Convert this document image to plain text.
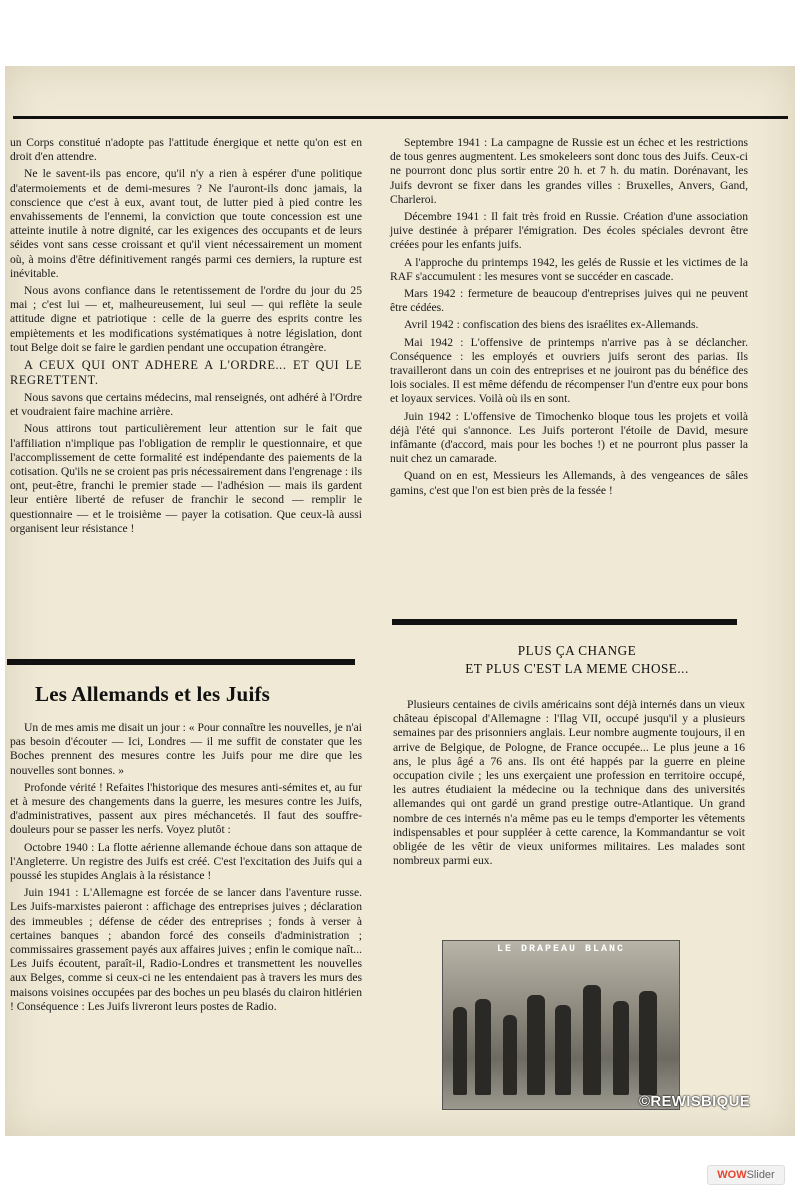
un Corps constitué n'adopte pas l'attitude énergique et nette qu'on est en droit d'en attendre.

Ne le savent-ils pas encore, qu'il n'y a rien à espérer d'une politique d'atermoiements et de demi-mesures ? Ne l'auront-ils donc jamais, la conscience que c'est à eux, avant tout, de lutter pied à pied contre les envahissements de l'ennemi, la conviction que toute concession est une atteinte inutile à notre dignité, car les exigences des occupants et de leurs séides vont sans cesse croissant et qu'il vient nécessairement un moment où, à moins d'être définitivement rangés parmi ces derniers, la rupture est inévitable.

Nous avons confiance dans le retentissement de l'ordre du jour du 25 mai ; c'est lui — et, malheureusement, lui seul — qui reflète la seule attitude digne et patriotique : celle de la guerre des esprits contre les empiètements et les modifications systématiques à notre législation, dont tout Belge doit se faire le gardien pendant une occupation étrangère.

A CEUX QUI ONT ADHERE A L'ORDRE... ET QUI LE REGRETTENT.

Nous savons que certains médecins, mal renseignés, ont adhéré à l'Ordre et voudraient faire machine arrière.

Nous attirons tout particulièrement leur attention sur le fait que l'affiliation n'implique pas l'obligation de remplir le questionnaire, et que l'accomplissement de cette formalité est indépendante des paiements de la cotisation. Qu'ils ne se croient pas pris nécessairement dans l'engrenage : ils ont, peut-être, franchi le premier stade — l'adhésion — mais ils gardent leur entière liberté de refuser de franchir le second — remplir le questionnaire — et le troisième — payer la cotisation. Que ceux-là aussi organisent leur résistance !

Septembre 1941 : La campagne de Russie est un échec et les restrictions de tous genres augmentent. Les smokeleers sont donc tous des Juifs. Ceux-ci ne pourront donc plus sortir entre 20 h. et 7 h. du matin. Dorénavant, les Juifs devront se fixer dans les grandes villes : Bruxelles, Anvers, Gand, Charleroi.

Décembre 1941 : Il fait très froid en Russie. Création d'une association juive destinée à préparer l'émigration. Des écoles spéciales devront être créées pour les enfants juifs.

A l'approche du printemps 1942, les gelés de Russie et les victimes de la RAF s'accumulent : les mesures vont se succéder en cascade.

Mars 1942 : fermeture de beaucoup d'entreprises juives qui ne peuvent être cédées.

Avril 1942 : confiscation des biens des israélites ex-Allemands.

Mai 1942 : L'offensive de printemps n'arrive pas à se déclancher. Conséquence : les employés et ouvriers juifs seront des parias. Ils travailleront dans un coin des entreprises et ne jouiront pas du bénéfice des lois sociales. Il est même défendu de récompenser l'un d'entre eux pour bons et loyaux services. Voilà où ils en sont.

Juin 1942 : L'offensive de Timochenko bloque tous les projets et voilà déjà l'été qui s'annonce. Les Juifs porteront l'étoile de David, mesure infâmante (d'accord, mais pour les boches !) et ne pourront plus passer la nuit chez un camarade.

Quand on en est, Messieurs les Allemands, à des vengeances de sâles gamins, c'est que l'on est bien près de la fessée !

Les Allemands et les Juifs

Un de mes amis me disait un jour : « Pour connaître les nouvelles, je n'ai pas besoin d'écouter — Ici, Londres — il me suffit de constater que les Boches prennent des mesures contre les Juifs pour me dire que les nouvelles sont bonnes. »

Profonde vérité ! Refaites l'historique des mesures anti-sémites et, au fur et à mesure des changements dans la guerre, les mesures contre les Juifs, d'administratives, passent aux pires méchancetés. Il faut des souffre-douleurs pour se passer les nerfs. Voyez plutôt :

Octobre 1940 : La flotte aérienne allemande échoue dans son attaque de l'Angleterre. Un registre des Juifs est créé. C'est l'excitation des Juifs qui a poussé les stupides Anglais à la résistance !

Juin 1941 : L'Allemagne est forcée de se lancer dans l'aventure russe. Les Juifs-marxistes paieront : affichage des entreprises juives ; déclaration des immeubles ; défense de céder des entreprises ; fonds à verser à certaines banques ; abandon forcé des conseils d'administration ; commissaires grassement payés aux affaires juives ; enfin le comique naît... Les Juifs écoutent, paraît-il, Radio-Londres et transmettent les nouvelles aux Belges, comme si ceux-ci ne les entendaient pas à travers les murs des maisons voisines occupées par des boches un peu blasés du clairon hitlérien ! Conséquence : Les Juifs livreront leurs postes de Radio.

PLUS ÇA CHANGE
ET PLUS C'EST LA MEME CHOSE...

Plusieurs centaines de civils américains sont déjà internés dans un vieux château épiscopal d'Allemagne : l'Ilag VII, occupé jusqu'il y a plusieurs semaines par des prisonniers anglais. Leur nombre augmente toujours, il en arrive de Belgique, de Pologne, de France occupée... Le plus jeune a 16 ans, le plus âgé a 76 ans. Ils ont été happés par la guerre en pleine occupation civile ; les uns exerçaient une profession en territoire occupé, les autres étudiaient la médecine ou la technique dans des universités allemandes qui ont gardé un grand prestige outre-Atlantique. Un grand nombre de ces internés n'a même pas eu le temps d'emporter les vêtements indispensables et pour suppléer à cette carence, la Kommandantur se voit obligée de les vêtir de vieux uniformes militaires. Les malades sont nombreux parmi eux.

LE DRAPEAU BLANC
©REWISBIQUE
WOWSlider
